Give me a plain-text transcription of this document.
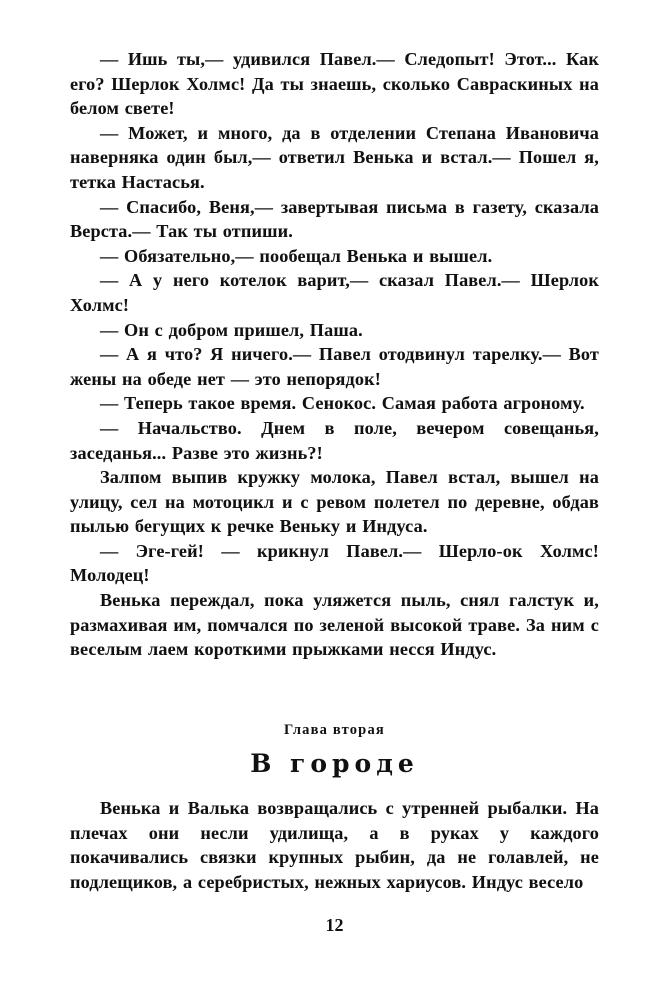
— Ишь ты,— удивился Павел.— Следопыт! Этот... Как его? Шерлок Холмс! Да ты знаешь, сколько Савраскиных на белом свете!

— Может, и много, да в отделении Степана Ивановича наверняка один был,— ответил Венька и встал.— Пошел я, тетка Настасья.

— Спасибо, Веня,— завертывая письма в газету, сказала Верста.— Так ты отпиши.

— Обязательно,— пообещал Венька и вышел.

— А у него котелок варит,— сказал Павел.— Шерлок Холмс!

— Он с добром пришел, Паша.

— А я что? Я ничего.— Павел отодвинул тарелку.— Вот жены на обеде нет — это непорядок!

— Теперь такое время. Сенокос. Самая работа агроному.

— Начальство. Днем в поле, вечером совещанья, заседанья... Разве это жизнь?!

Залпом выпив кружку молока, Павел встал, вышел на улицу, сел на мотоцикл и с ревом полетел по деревне, обдав пылью бегущих к речке Веньку и Индуса.

— Эге-гей! — крикнул Павел.— Шерло-ок Холмс! Молодец!

Венька переждал, пока уляжется пыль, снял галстук и, размахивая им, помчался по зеленой высокой траве. За ним с веселым лаем короткими прыжками несся Индус.

Глава вторая

В городе

Венька и Валька возвращались с утренней рыбалки. На плечах они несли удилища, а в руках у каждого покачивались связки крупных рыбин, да не голавлей, не подлещиков, а серебристых, нежных хариусов. Индус весело

12
